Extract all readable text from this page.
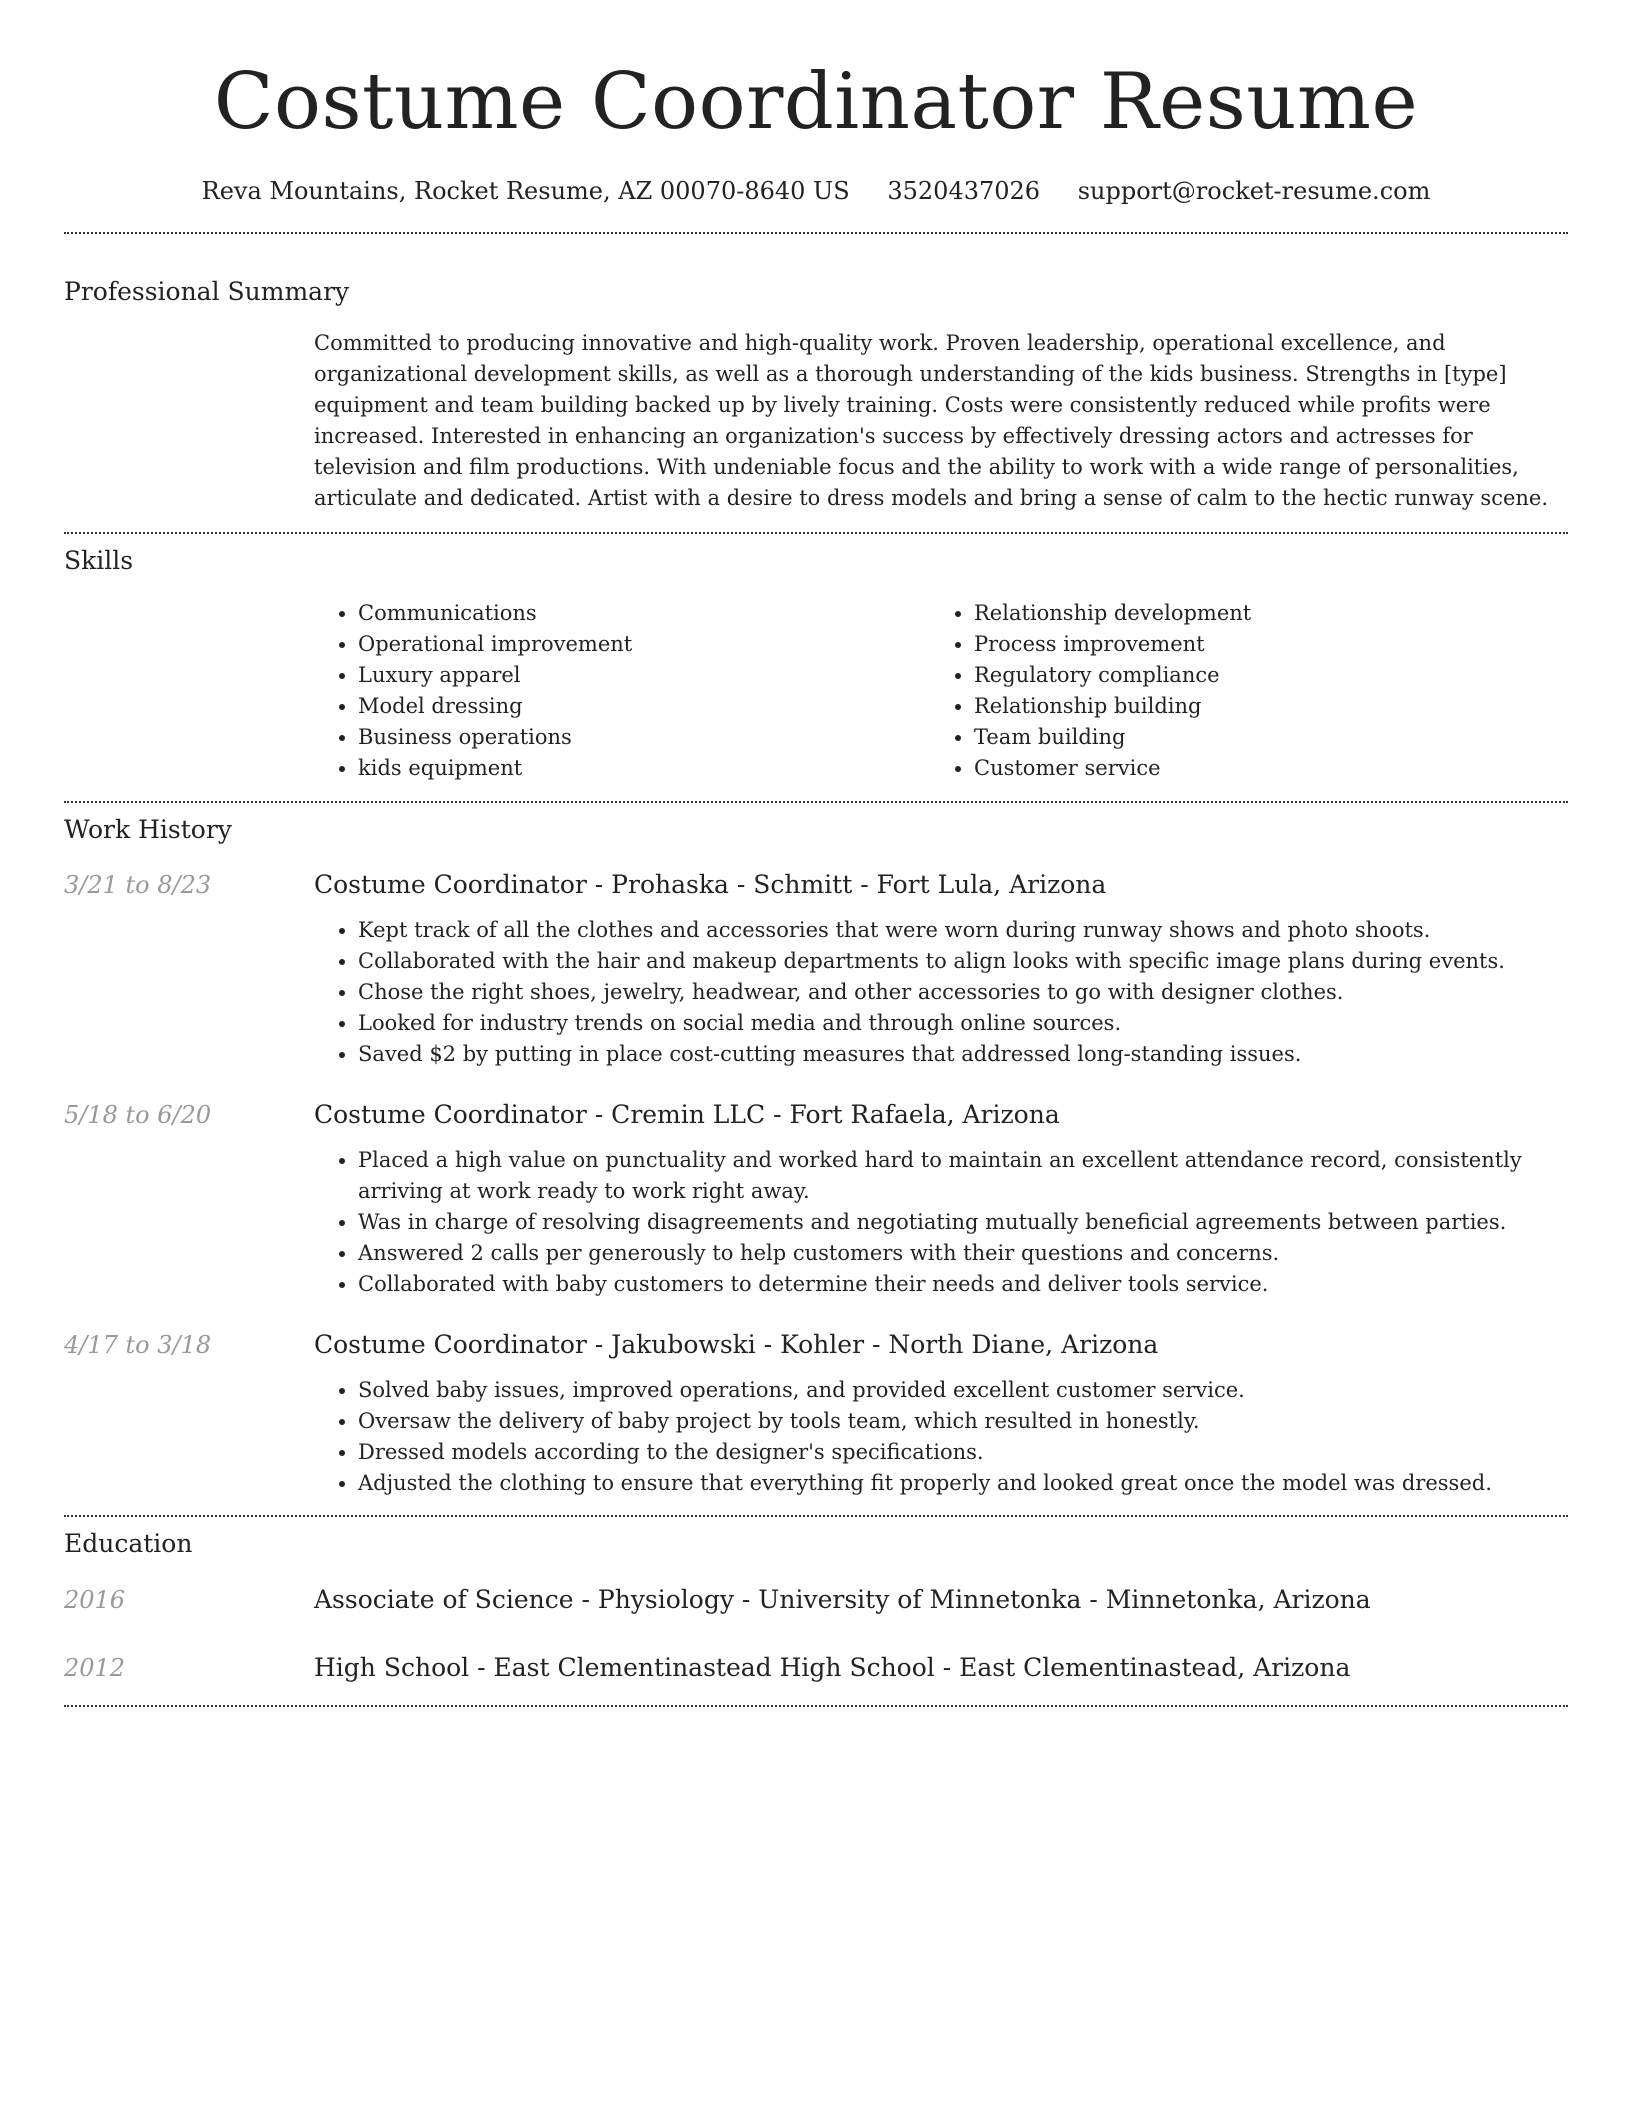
Costume Coordinator Resume
Reva Mountains, Rocket Resume, AZ 00070-8640 US 3520437026 support@rocket-resume.com
Professional Summary

Committed to producing innovative and high-quality work. Proven leadership, operational excellence, and organizational development skills, as well as a thorough understanding of the kids business. Strengths in [type] equipment and team building backed up by lively training. Costs were consistently reduced while profits were increased. Interested in enhancing an organization's success by effectively dressing actors and actresses for television and film productions. With undeniable focus and the ability to work with a wide range of personalities, articulate and dedicated. Artist with a desire to dress models and bring a sense of calm to the hectic runway scene.

Skills
• Communications
• Operational improvement
• Luxury apparel
• Model dressing
• Business operations
• kids equipment
• Relationship development
• Process improvement
• Regulatory compliance
• Relationship building
• Team building
• Customer service
Work History
3/21 to 8/23	Costume Coordinator - Prohaska - Schmitt - Fort Lula, Arizona
• Kept track of all the clothes and accessories that were worn during runway shows and photo shoots.
• Collaborated with the hair and makeup departments to align looks with specific image plans during events.
• Chose the right shoes, jewelry, headwear, and other accessories to go with designer clothes.
• Looked for industry trends on social media and through online sources.
• Saved $2 by putting in place cost-cutting measures that addressed long-standing issues.
5/18 to 6/20	Costume Coordinator - Cremin LLC - Fort Rafaela, Arizona
• Placed a high value on punctuality and worked hard to maintain an excellent attendance record, consistently arriving at work ready to work right away.
• Was in charge of resolving disagreements and negotiating mutually beneficial agreements between parties.
• Answered 2 calls per generously to help customers with their questions and concerns.
• Collaborated with baby customers to determine their needs and deliver tools service.
4/17 to 3/18	Costume Coordinator - Jakubowski - Kohler - North Diane, Arizona
• Solved baby issues, improved operations, and provided excellent customer service.
• Oversaw the delivery of baby project by tools team, which resulted in honestly.
• Dressed models according to the designer's specifications.
• Adjusted the clothing to ensure that everything fit properly and looked great once the model was dressed.
Education
2016	Associate of Science - Physiology - University of Minnetonka - Minnetonka, Arizona
2012	High School - East Clementinastead High School - East Clementinastead, Arizona
